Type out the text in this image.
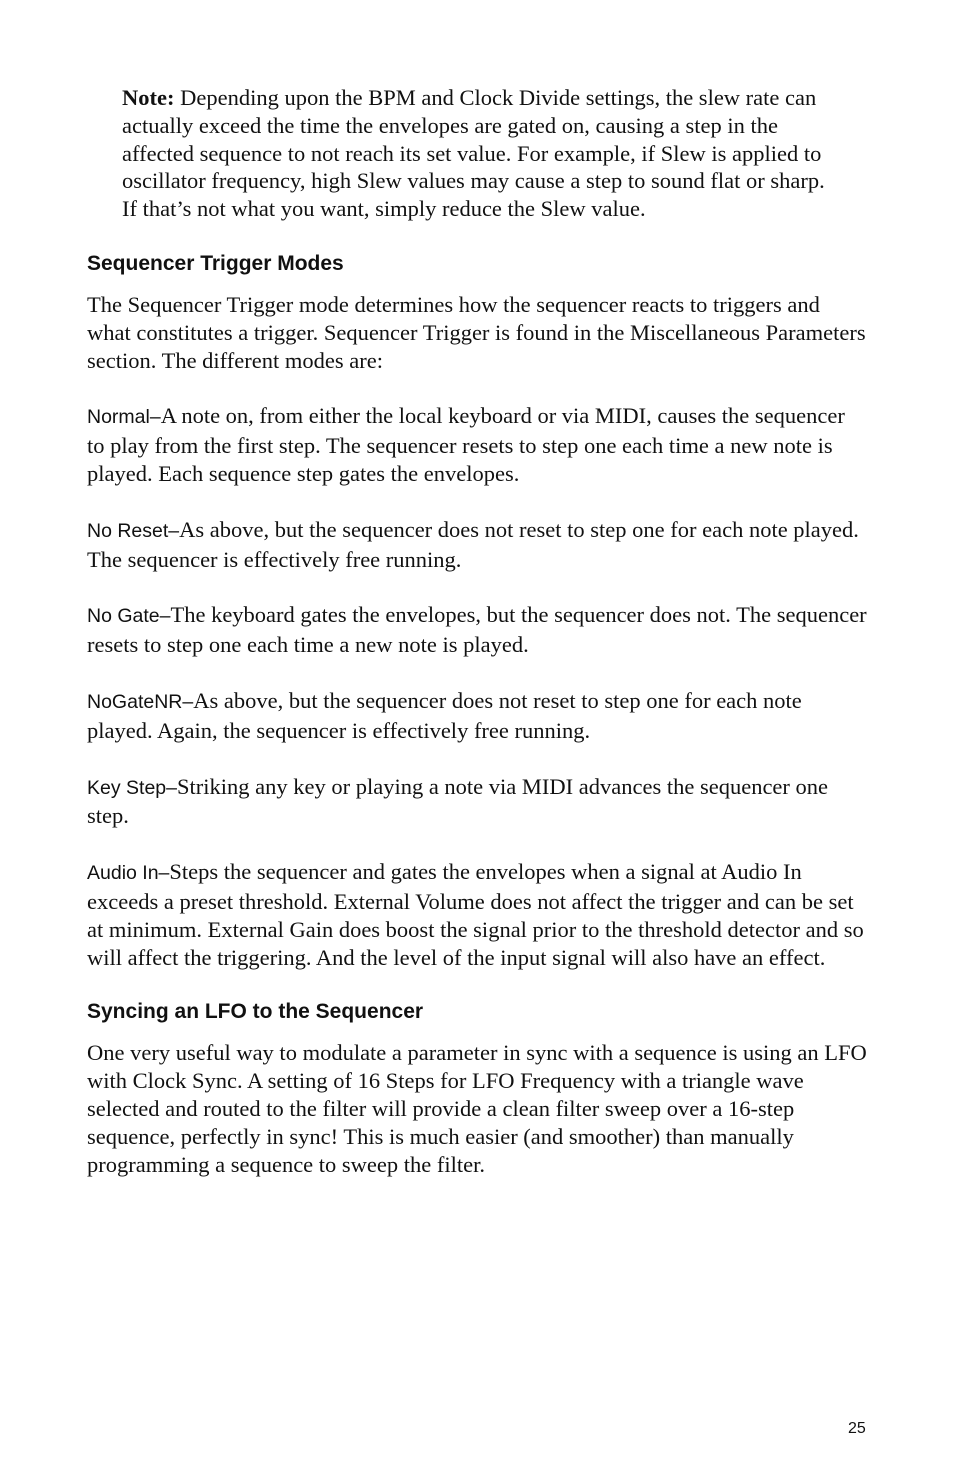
Note: Depending upon the BPM and Clock Divide settings, the slew rate can actually exceed the time the envelopes are gated on, causing a step in the affected sequence to not reach its set value. For example, if Slew is applied to oscillator frequency, high Slew values may cause a step to sound flat or sharp. If that’s not what you want, simply reduce the Slew value.

Sequencer Trigger Modes

The Sequencer Trigger mode determines how the sequencer reacts to triggers and what constitutes a trigger. Sequencer Trigger is found in the Miscellaneous Parameters section. The different modes are:

Normal–A note on, from either the local keyboard or via MIDI, causes the sequencer to play from the first step. The sequencer resets to step one each time a new note is played. Each sequence step gates the envelopes.

No Reset–As above, but the sequencer does not reset to step one for each note played. The sequencer is effectively free running.

No Gate–The keyboard gates the envelopes, but the sequencer does not. The sequencer resets to step one each time a new note is played.

NoGateNR–As above, but the sequencer does not reset to step one for each note played. Again, the sequencer is effectively free running.

Key Step–Striking any key or playing a note via MIDI advances the sequencer one step.

Audio In–Steps the sequencer and gates the envelopes when a signal at Audio In exceeds a preset threshold. External Volume does not affect the trigger and can be set at minimum. External Gain does boost the signal prior to the threshold detector and so will affect the triggering. And the level of the input signal will also have an effect.

Syncing an LFO to the Sequencer

One very useful way to modulate a parameter in sync with a sequence is using an LFO with Clock Sync. A setting of 16 Steps for LFO Frequency with a triangle wave selected and routed to the filter will provide a clean filter sweep over a 16-step sequence, perfectly in sync! This is much easier (and smoother) than manually programming a sequence to sweep the filter.

25
